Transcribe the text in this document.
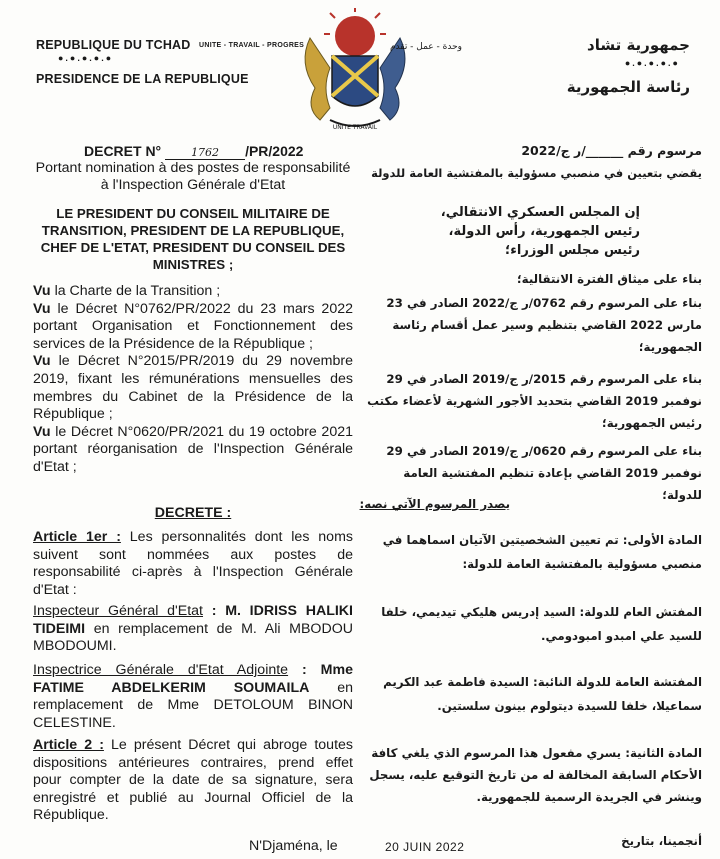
REPUBLIQUE DU TCHAD UNITE - TRAVAIL - PROGRES
●.●.●.●.●
PRESIDENCE DE LA REPUBLIQUE
UNITE TRAVAIL
جمهورية تشاد
وحدة - عمل - تقدم
●.●.●.●.●
رئاسة الجمهورية
DECRET N°	1762 /PR/2022
Portant nomination à des postes de responsabilité à l'Inspection Générale d'Etat
LE PRESIDENT DU CONSEIL MILITAIRE DE TRANSITION, PRESIDENT DE LA REPUBLIQUE, CHEF DE L'ETAT, PRESIDENT DU CONSEIL DES MINISTRES ;
Vu la Charte de la Transition ;
Vu le Décret N°0762/PR/2022 du 23 mars 2022 portant Organisation et Fonctionnement des services de la Présidence de la République ;
Vu le Décret N°2015/PR/2019 du 29 novembre 2019, fixant les rémunérations mensuelles des membres du Cabinet de la Présidence de la République ;
Vu le Décret N°0620/PR/2021 du 19 octobre 2021 portant réorganisation de l'Inspection Générale d'Etat ;
DECRETE :
Article 1er : Les personnalités dont les noms suivent sont nommées aux postes de responsabilité ci-après à l'Inspection Générale d'Etat :
Inspecteur Général d'Etat : M. IDRISS HALIKI TIDEIMI en remplacement de M. Ali MBODOU MBODOUMI.
Inspectrice Générale d'Etat Adjointe : Mme FATIME ABDELKERIM SOUMAILA en remplacement de Mme DETOLOUM BINON CELESTINE.
Article 2 : Le présent Décret qui abroge toutes dispositions antérieures contraires, prend effet pour compter de la date de sa signature, sera enregistré et publié au Journal Officiel de la République.
N'Djaména, le
مرسوم رقم ______/ر ج/2022
يقضي بتعيين في منصبي مسؤولية بالمفتشية العامة للدولة
إن المجلس العسكري الانتقالي،
رئيس الجمهورية، رأس الدولة،
رئيس مجلس الوزراء؛
بناء على ميثاق الفترة الانتقالية؛
بناء على المرسوم رقم 0762/ر ج/2022 الصادر في 23 مارس 2022 القاضي بتنظيم وسير عمل أقسام رئاسة الجمهورية؛
بناء على المرسوم رقم 2015/ر ج/2019 الصادر في 29 نوفمبر 2019 القاضي بتحديد الأجور الشهرية لأعضاء مكتب رئيس الجمهورية؛
بناء على المرسوم رقم 0620/ر ج/2019 الصادر في 29 نوفمبر 2019 القاضي بإعادة تنظيم المفتشية العامة للدولة؛
يصدر المرسوم الآتي نصه:
المادة الأولى: تم تعيين الشخصيتين الآتيان اسماهما في منصبي مسؤولية بالمفتشية العامة للدولة:
المفتش العام للدولة: السيد إدريس هليكي تيديمي، خلفا للسيد علي امبدو امبودومي.
المفتشة العامة للدولة النائبة: السيدة فاطمة عبد الكريم سماعيلا، خلفا للسيدة ديتولوم بينون سلستين.
المادة الثانية: يسري مفعول هذا المرسوم الذي يلغي كافة الأحكام السابقة المخالفة له من تاريخ التوقيع عليه، يسجل وينشر في الجريدة الرسمية للجمهورية.
أنجمينا، بتاريخ
20 JUIN 2022
